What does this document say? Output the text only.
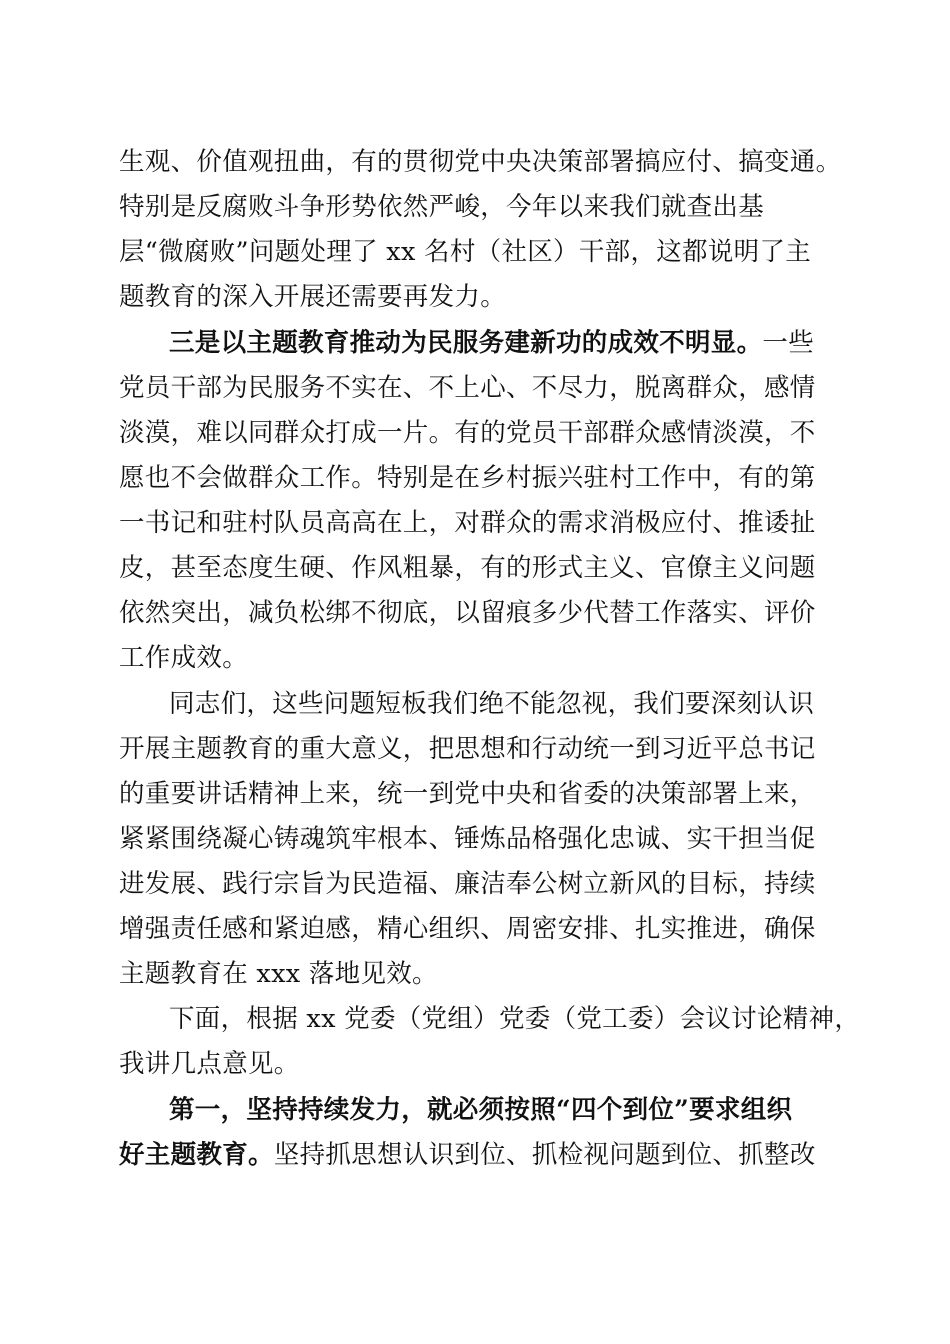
生观、价值观扭曲，有的贯彻党中央决策部署搞应付、搞变通。
特别是反腐败斗争形势依然严峻，今年以来我们就查出基
层“微腐败”问题处理了 xx 名村（社区）干部，这都说明了主
题教育的深入开展还需要再发力。
三是以主题教育推动为民服务建新功的成效不明显。一些
党员干部为民服务不实在、不上心、不尽力，脱离群众，感情
淡漠，难以同群众打成一片。有的党员干部群众感情淡漠，不
愿也不会做群众工作。特别是在乡村振兴驻村工作中，有的第
一书记和驻村队员高高在上，对群众的需求消极应付、推诿扯
皮，甚至态度生硬、作风粗暴，有的形式主义、官僚主义问题
依然突出，减负松绑不彻底，以留痕多少代替工作落实、评价
工作成效。
同志们，这些问题短板我们绝不能忽视，我们要深刻认识
开展主题教育的重大意义，把思想和行动统一到习近平总书记
的重要讲话精神上来，统一到党中央和省委的决策部署上来，
紧紧围绕凝心铸魂筑牢根本、锤炼品格强化忠诚、实干担当促
进发展、践行宗旨为民造福、廉洁奉公树立新风的目标，持续
增强责任感和紧迫感，精心组织、周密安排、扎实推进，确保
主题教育在 xxx 落地见效。
下面，根据 xx 党委（党组）党委（党工委）会议讨论精神，
我讲几点意见。
第一，坚持持续发力，就必须按照“四个到位”要求组织
好主题教育。坚持抓思想认识到位、抓检视问题到位、抓整改
